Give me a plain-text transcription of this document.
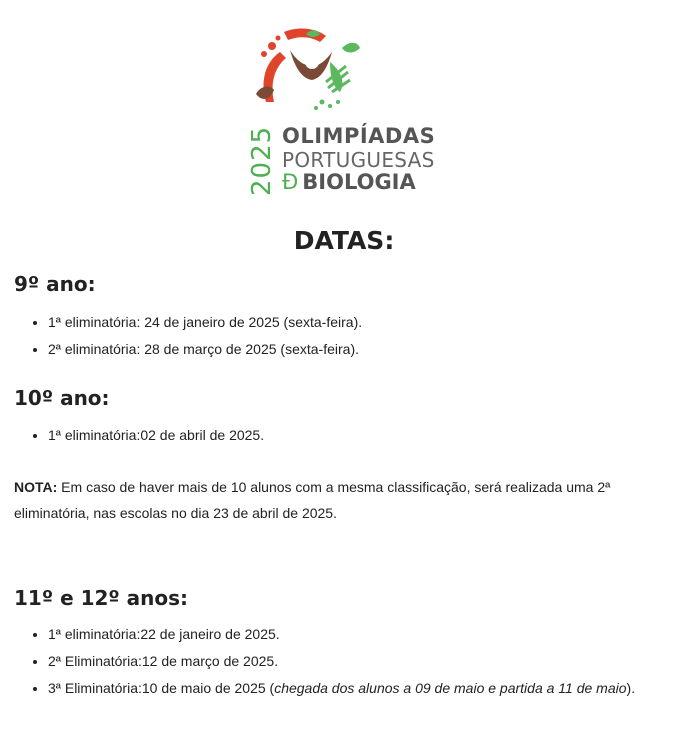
2025 OLIMPÍADAS
PORTUGUESAS
Đ BIOLOGIA
DATAS:
9º ano:
• 1ª eliminatória: 24 de janeiro de 2025 (sexta-feira).
• 2ª eliminatória: 28 de março de 2025 (sexta-feira).
10º ano:
• 1ª eliminatória:02 de abril de 2025.

NOTA: Em caso de haver mais de 10 alunos com a mesma classificação, será realizada uma 2ª eliminatória, nas escolas no dia 23 de abril de 2025.

11º e 12º anos:
• 1ª eliminatória:22 de janeiro de 2025.
• 2ª Eliminatória:12 de março de 2025.
• 3ª Eliminatória:10 de maio de 2025 (chegada dos alunos a 09 de maio e partida a 11 de maio).
